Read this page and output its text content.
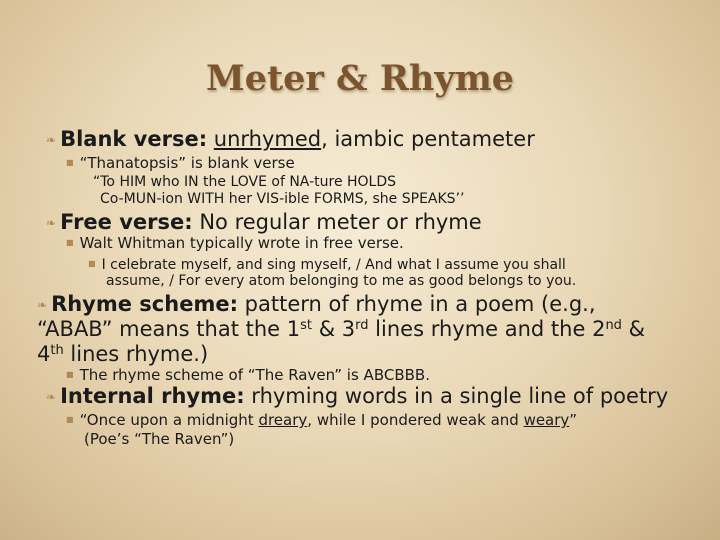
Meter & Rhyme
❧ Blank verse: unrhymed, iambic pentameter
■ “Thanatopsis” is blank verse
“To HIM who IN the LOVE of NA-ture HOLDS
Co-MUN-ion WITH her VIS-ible FORMS, she SPEAKS’’
❧ Free verse: No regular meter or rhyme
■ Walt Whitman typically wrote in free verse.
■ I celebrate myself, and sing myself, / And what I assume you shall
assume, / For every atom belonging to me as good belongs to you.
❧ Rhyme scheme: pattern of rhyme in a poem (e.g.,
“ABAB” means that the 1st & 3rd lines rhyme and the 2nd &
4th lines rhyme.)
■ The rhyme scheme of “The Raven” is ABCBBB.
❧ Internal rhyme: rhyming words in a single line of poetry
■ “Once upon a midnight dreary, while I pondered weak and weary”
(Poe’s “The Raven”)
